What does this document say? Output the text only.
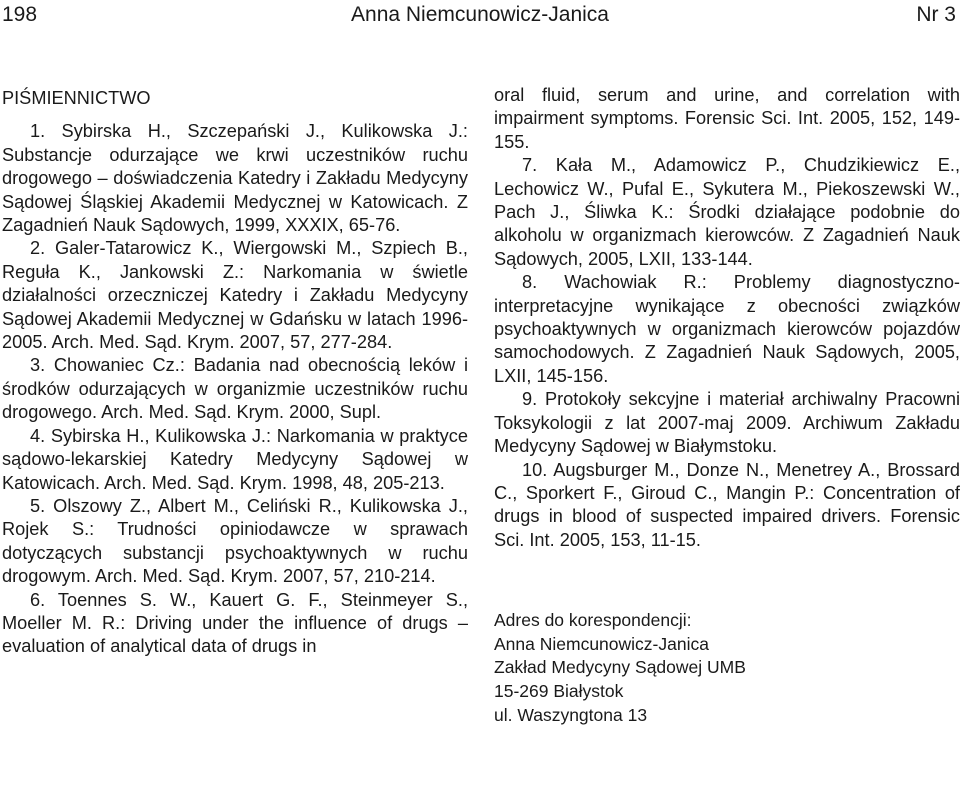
198	Anna Niemcunowicz-Janica	Nr 3

PIŚMIENNICTWO

1. Sybirska H., Szczepański J., Kulikowska J.: Substancje odurzające we krwi uczestników ruchu drogowego – doświadczenia Katedry i Zakładu Medycyny Sądowej Śląskiej Akademii Medycznej w Katowicach. Z Zagadnień Nauk Sądowych, 1999, XXXIX, 65-76.

2. Galer-Tatarowicz K., Wiergowski M., Szpiech B., Reguła K., Jankowski Z.: Narkomania w świetle działalności orzeczniczej Katedry i Zakładu Medycyny Sądowej Akademii Medycznej w Gdańsku w latach 1996-2005. Arch. Med. Sąd. Krym. 2007, 57, 277-284.

3. Chowaniec Cz.: Badania nad obecnością leków i środków odurzających w organizmie uczestników ruchu drogowego. Arch. Med. Sąd. Krym. 2000, Supl.

4. Sybirska H., Kulikowska J.: Narkomania w praktyce sądowo-lekarskiej Katedry Medycyny Sądowej w Katowicach. Arch. Med. Sąd. Krym. 1998, 48, 205-213.

5. Olszowy Z., Albert M., Celiński R., Kulikowska J., Rojek S.: Trudności opiniodawcze w sprawach dotyczących substancji psychoaktywnych w ruchu drogowym. Arch. Med. Sąd. Krym. 2007, 57, 210-214.

6. Toennes S. W., Kauert G. F., Steinmeyer S., Moeller M. R.: Driving under the influence of drugs – evaluation of analytical data of drugs in

oral fluid, serum and urine, and correlation with impairment symptoms. Forensic Sci. Int. 2005, 152, 149-155.

7. Kała M., Adamowicz P., Chudzikiewicz E., Lechowicz W., Pufal E., Sykutera M., Piekoszewski W., Pach J., Śliwka K.: Środki działające podobnie do alkoholu w organizmach kierowców. Z Zagadnień Nauk Sądowych, 2005, LXII, 133-144.

8. Wachowiak R.: Problemy diagnostyczno-interpretacyjne wynikające z obecności związków psychoaktywnych w organizmach kierowców pojazdów samochodowych. Z Zagadnień Nauk Sądowych, 2005, LXII, 145-156.

9. Protokoły sekcyjne i materiał archiwalny Pracowni Toksykologii z lat 2007-maj 2009. Archiwum Zakładu Medycyny Sądowej w Białymstoku.

10. Augsburger M., Donze N., Menetrey A., Brossard C., Sporkert F., Giroud C., Mangin P.: Concentration of drugs in blood of suspected impaired drivers. Forensic Sci. Int. 2005, 153, 11-15.

Adres do korespondencji:

Anna Niemcunowicz-Janica

Zakład Medycyny Sądowej UMB

15-269 Białystok

ul. Waszyngtona 13
